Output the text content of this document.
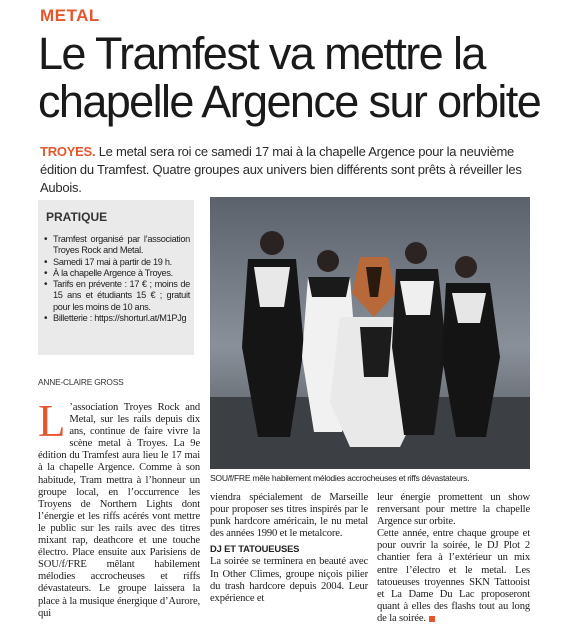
METAL
Le Tramfest va mettre la chapelle Argence sur orbite
TROYES. Le metal sera roi ce samedi 17 mai à la chapelle Argence pour la neuvième édition du Tramfest. Quatre groupes aux univers bien différents sont prêts à réveiller les Aubois.
PRATIQUE
• Tramfest organisé par l’association Troyes Rock and Metal.
• Samedi 17 mai à partir de 19 h.
• À la chapelle Argence à Troyes.
• Tarifs en prévente : 17 € ; moins de 15 ans et étudiants 15 € ; gratuit pour les moins de 10 ans.
• Billetterie : https://shorturl.at/M1PJg
SOU/f/FRE mêle habilement mélodies accrocheuses et riffs dévastateurs.
ANNE-CLAIRE GROSS

L ’association Troyes Rock and Metal, sur les rails depuis dix ans, continue de faire vivre la scène metal à Troyes. La 9e édition du Tramfest aura lieu le 17 mai à la chapelle Argence. Comme à son habitude, Tram mettra à l’honneur un groupe local, en l’occurrence les Troyens de Northern Lights dont l’énergie et les riffs acérés vont mettre le public sur les rails avec des titres mixant rap, deathcore et une touche électro. Place ensuite aux Parisiens de SOU/f/FRE mêlant habilement mélodies accrocheuses et riffs dévastateurs. Le groupe laissera la place à la musique énergique d’Aurore, qui

viendra spécialement de Marseille pour proposer ses titres inspirés par le punk hardcore américain, le nu metal des années 1990 et le metalcore.

DJ ET TATOUEUSES

La soirée se terminera en beauté avec In Other Climes, groupe niçois pilier du trash hardcore depuis 2004. Leur expérience et

leur énergie promettent un show renversant pour mettre la chapelle Argence sur orbite.

Cette année, entre chaque groupe et pour ouvrir la soirée, le DJ Plot 2 chantier fera à l’extérieur un mix entre l’électro et le metal. Les tatoueuses troyennes SKN Tattooist et La Dame Du Lac proposeront quant à elles des flashs tout au long de la soirée.
